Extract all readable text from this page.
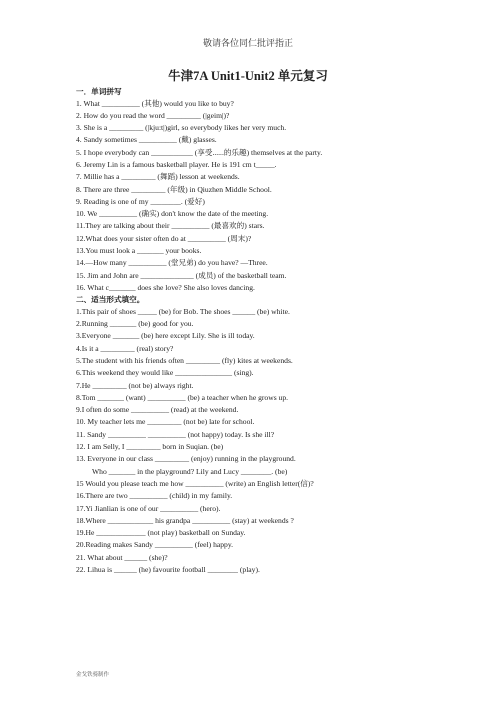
敬请各位同仁批评指正
牛津7A Unit1-Unit2 单元复习
一．单词拼写
1. What __________ (其他) would you like to buy?
2. How do you read the word _________ (|geim|)?
3. She is a _________ (|kju:t|)girl, so everybody likes her very much.
4. Sandy sometimes __________ (戴) glasses.
5. I hope everybody can ___________ (享受......的乐趣) themselves at the party.
6. Jeremy Lin is a famous basketball player. He is 191 cm t_____.
7. Millie has a _________ (舞蹈) lesson at weekends.
8. There are three _________ (年级) in Qiuzhen Middle School.
9. Reading is one of my ________. (爱好)
10. We __________ (确实) don't know the date of the meeting.
11.They are talking about their __________ (最喜欢的) stars.
12.What does your sister often do at __________ (周末)?
13.You must look a _______ your books.
14.—How many __________ (堂兄弟) do you have? —Three.
15. Jim and John are ______________ (成员) of the basketball team.
16. What c_______ does she love? She also loves dancing.
二、适当形式填空。
1.This pair of shoes _____ (be) for Bob. The shoes ______ (be) white.
2.Running _______ (be) good for you.
3.Everyone _______ (be) here except Lily. She is ill today.
4.Is it a _________ (real) story?
5.The student with his friends often _________ (fly) kites at weekends.
6.This weekend they would like _______________ (sing).
7.He _________ (not be) always right.
8.Tom _______ (want) __________ (be) a teacher when he grows up.
9.I often do some __________ (read) at the weekend.
10. My teacher lets me _________ (not be) late for school.
11. Sandy __________ __________ (not happy) today. Is she ill?
12. I am Selly, I _________ born in Suqian. (be)
13. Everyone in our class _________ (enjoy) running in the playground.
Who _______ in the playground? Lily and Lucy ________. (be)
15 Would you please teach me how __________ (write) an English letter(信)?
16.There are two __________ (child) in my family.
17.Yi Jianlian is one of our __________ (hero).
18.Where ____________ his grandpa __________ (stay) at weekends ?
19.He _____________ (not play) basketball on Sunday.
20.Reading makes Sandy __________ (feel) happy.
21. What about ______ (she)?
22. Lihua is ______ (he) favourite football ________ (play).
金戈铁骑制作
